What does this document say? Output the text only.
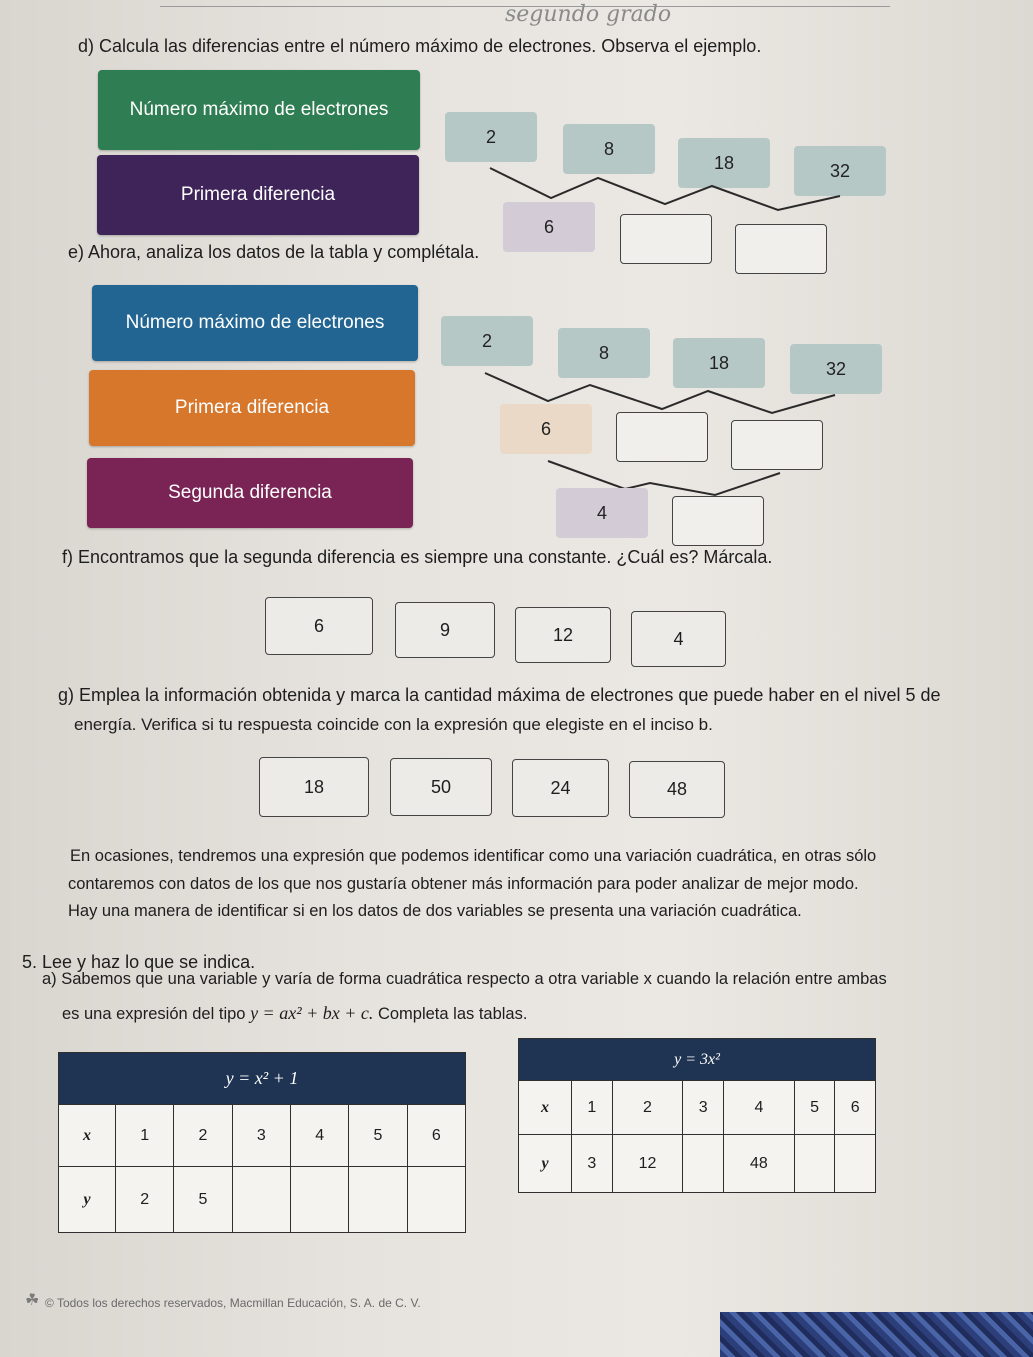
segundo grado
d) Calcula las diferencias entre el número máximo de electrones. Observa el ejemplo.
Número máximo de electrones
Primera diferencia
2
8
18	32
6
e) Ahora, analiza los datos de la tabla y complétala.
Número máximo de electrones
Primera diferencia
Segunda diferencia
2
8	18	32
6
4
f) Encontramos que la segunda diferencia es siempre una constante. ¿Cuál es? Márcala.
6	9	12	4
g) Emplea la información obtenida y marca la cantidad máxima de electrones que puede haber en el nivel 5 de
energía. Verifica si tu respuesta coincide con la expresión que elegiste en el inciso b.
18	50	24	48
En ocasiones, tendremos una expresión que podemos identificar como una variación cuadrática, en otras sólo
contaremos con datos de los que nos gustaría obtener más información para poder analizar de mejor modo.
Hay una manera de identificar si en los datos de dos variables se presenta una variación cuadrática.
5. Lee y haz lo que se indica.
a) Sabemos que una variable y varía de forma cuadrática respecto a otra variable x cuando la relación entre ambas
es una expresión del tipo y = ax² + bx + c. Completa las tablas.
y = x² + 1						
x	1	2	3	4	5	6
y	2	5				
y = 3x²						
x	1	2	3	4	5	6
y	3	12		48		
☘ © Todos los derechos reservados, Macmillan Educación, S. A. de C. V.
